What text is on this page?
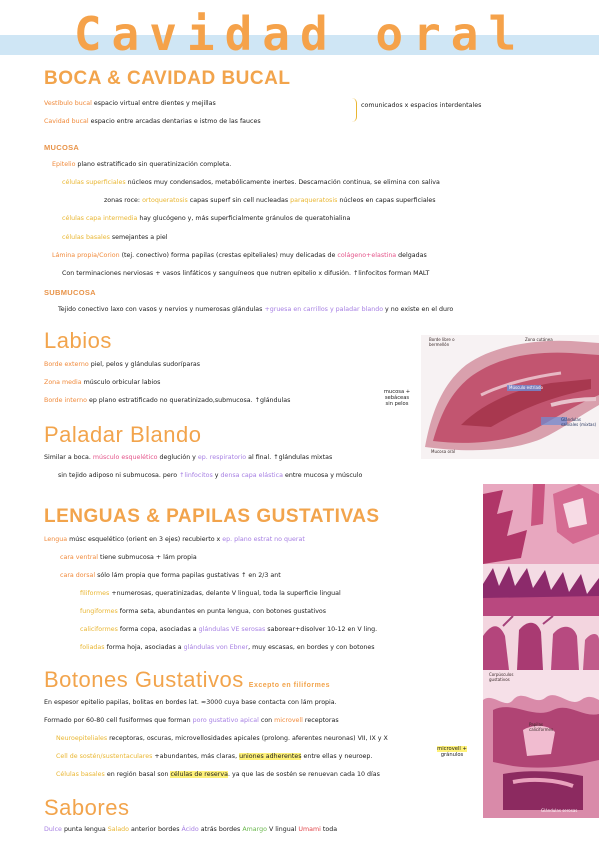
Cavidad oral
BOCA & CAVIDAD BUCAL
Vestíbulo bucal espacio virtual entre dientes y mejillas
Cavidad bucal espacio entre arcadas dentarias e istmo de las fauces
comunicados x espacios interdentales
MUCOSA
Epitelio plano estratificado sin queratinización completa.
células superficiales núcleos muy condensados, metabólicamente inertes. Descamación continua, se elimina con saliva
zonas roce: ortoqueratosis capas superf sin cell nucleadas paraqueratosis núcleos en capas superficiales
células capa intermedia hay glucógeno y, más superficialmente gránulos de queratohialina
células basales semejantes a piel
Lámina propia/Corion (tej. conectivo) forma papilas (crestas epiteliales) muy delicadas de colágeno+elastina delgadas
Con terminaciones nerviosas + vasos linfáticos y sanguíneos que nutren epitelio x difusión. ↑linfocitos forman MALT
SUBMUCOSA
Tejido conectivo laxo con vasos y nervios y numerosas glándulas +gruesa en carrillos y paladar blando y no existe en el duro
Labios
Borde externo piel, pelos y glándulas sudoríparas
Zona media músculo orbicular labios
Borde interno ep plano estratificado no queratinizado,submucosa. ↑glándulas
mucosa +
sebáceas
sin pelos
Borde libre o bermellón
Zona cutánea
Músculo estriado
Glándulas salivales (mixtas)
Mucosa oral
Paladar Blando
Similar a boca. músculo esquelético deglución y ep. respiratorio al final. ↑glándulas mixtas
sin tejido adiposo ni submucosa. pero ↑linfocitos y densa capa elástica entre mucosa y músculo
LENGUAS & PAPILAS GUSTATIVAS
Lengua músc esquelético (orient en 3 ejes) recubierto x ep. plano estrat no querat
cara ventral tiene submucosa + lám propia
cara dorsal sólo lám propia que forma papilas gustativas ↑ en 2/3 ant
filiformes +numerosas, queratinizadas, delante V lingual, toda la superficie lingual
fungiformes forma seta, abundantes en punta lengua, con botones gustativos
caliciformes forma copa, asociadas a glándulas VE serosas saborear+disolver 10-12 en V ling.
foliadas forma hoja, asociadas a glándulas von Ebner, muy escasas, en bordes y con botones
Corpúsculos gustativos
Papilas caliciformes
Glándulas serosas
Botones Gustativos Excepto en filiformes
En espesor epitelio papilas, bolitas en bordes lat. ≈3000 cuya base contacta con lám propia.
Formado por 60-80 cell fusiformes que forman poro gustativo apical con microvell receptoras
Neuroepiteliales receptoras, oscuras, microvellosidades apicales (prolong. aferentes neuronas) VII, IX y X
Cell de sostén/sustentaculares +abundantes, más claras, uniones adherentes entre ellas y neuroep.
microvell +
gránulos
Células basales en región basal son células de reserva. ya que las de sostén se renuevan cada 10 días
Sabores
Dulce punta lengua Salado anterior bordes Ácido atrás bordes Amargo V lingual Umami toda
